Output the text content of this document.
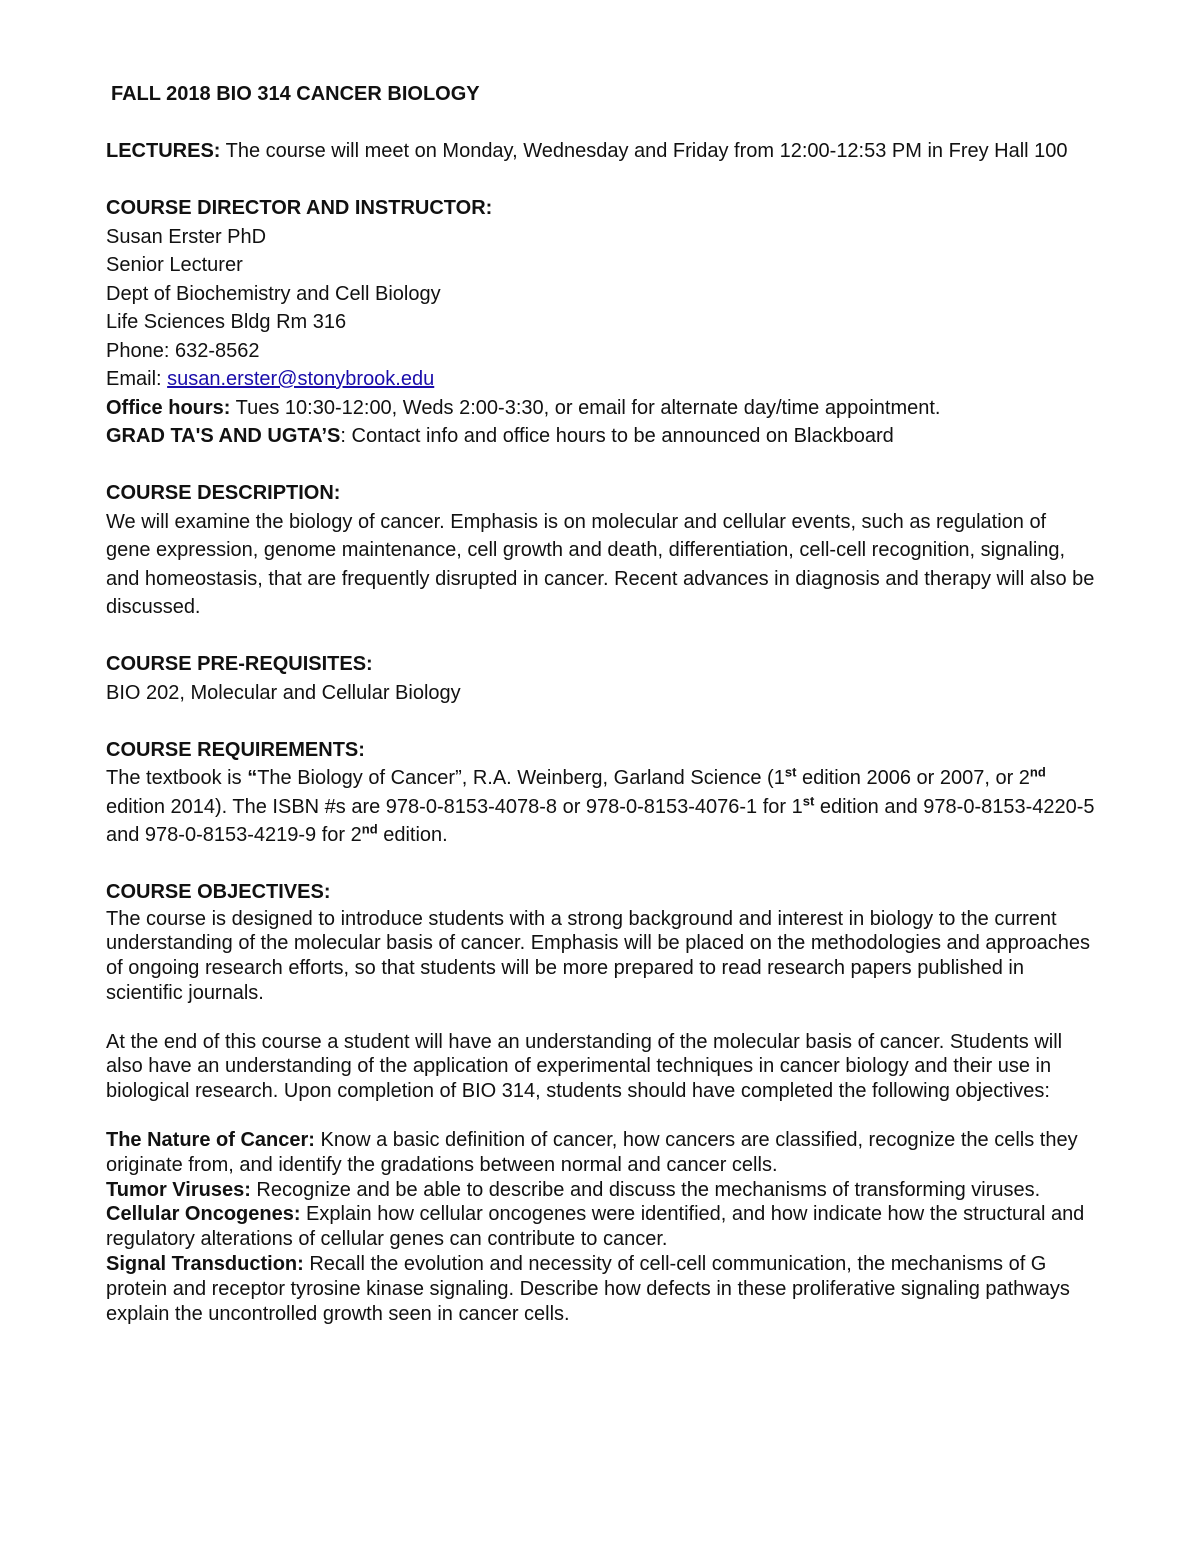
FALL 2018 BIO 314 CANCER BIOLOGY

LECTURES: The course will meet on Monday, Wednesday and Friday from 12:00-12:53 PM in Frey Hall 100

COURSE DIRECTOR AND INSTRUCTOR:

Susan Erster PhD

Senior Lecturer

Dept of Biochemistry and Cell Biology

Life Sciences Bldg Rm 316

Phone: 632-8562

Email: susan.erster@stonybrook.edu

Office hours: Tues 10:30-12:00, Weds 2:00-3:30, or email for alternate day/time appointment.

GRAD TA'S AND UGTA’S: Contact info and office hours to be announced on Blackboard

COURSE DESCRIPTION:

We will examine the biology of cancer. Emphasis is on molecular and cellular events, such as regulation of gene expression, genome maintenance, cell growth and death, differentiation, cell-cell recognition, signaling, and homeostasis, that are frequently disrupted in cancer. Recent advances in diagnosis and therapy will also be discussed.

COURSE PRE-REQUISITES:

BIO 202, Molecular and Cellular Biology

COURSE REQUIREMENTS:

The textbook is “The Biology of Cancer”, R.A. Weinberg, Garland Science (1st edition 2006 or 2007, or 2nd edition 2014). The ISBN #s are 978-0-8153-4078-8 or 978-0-8153-4076-1 for 1st edition and 978-0-8153-4220-5 and 978-0-8153-4219-9 for 2nd edition.

COURSE OBJECTIVES:

The course is designed to introduce students with a strong background and interest in biology to the current understanding of the molecular basis of cancer. Emphasis will be placed on the methodologies and approaches of ongoing research efforts, so that students will be more prepared to read research papers published in scientific journals.

At the end of this course a student will have an understanding of the molecular basis of cancer. Students will also have an understanding of the application of experimental techniques in cancer biology and their use in biological research. Upon completion of BIO 314, students should have completed the following objectives:

The Nature of Cancer: Know a basic definition of cancer, how cancers are classified, recognize the cells they originate from, and identify the gradations between normal and cancer cells.

Tumor Viruses: Recognize and be able to describe and discuss the mechanisms of transforming viruses.

Cellular Oncogenes: Explain how cellular oncogenes were identified, and how indicate how the structural and regulatory alterations of cellular genes can contribute to cancer.

Signal Transduction: Recall the evolution and necessity of cell-cell communication, the mechanisms of G protein and receptor tyrosine kinase signaling. Describe how defects in these proliferative signaling pathways explain the uncontrolled growth seen in cancer cells.
